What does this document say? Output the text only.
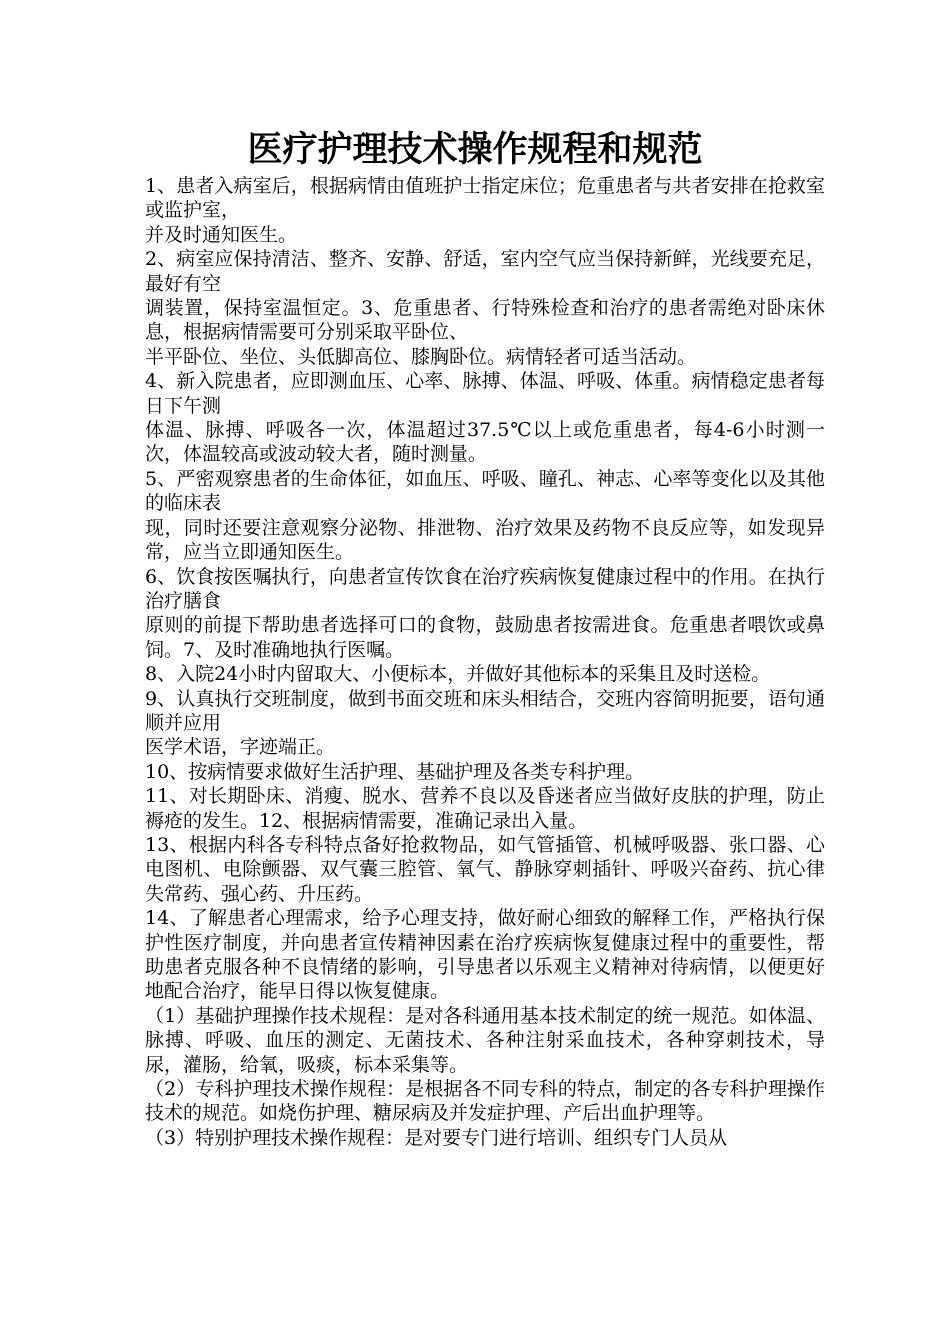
医疗护理技术操作规程和规范

1、患者入病室后，根据病情由值班护士指定床位；危重患者与共者安排在抢救室或监护室，

并及时通知医生。

2、病室应保持清洁、整齐、安静、舒适，室内空气应当保持新鲜，光线要充足，最好有空

调装置，保持室温恒定。3、危重患者、行特殊检查和治疗的患者需绝对卧床休息，根据病情需要可分别采取平卧位、

半平卧位、坐位、头低脚高位、膝胸卧位。病情轻者可适当活动。

4、新入院患者，应即测血压、心率、脉搏、体温、呼吸、体重。病情稳定患者每日下午测

体温、脉搏、呼吸各一次，体温超过37.5℃以上或危重患者，每4-6小时测一次，体温较高或波动较大者，随时测量。

5、严密观察患者的生命体征，如血压、呼吸、瞳孔、神志、心率等变化以及其他的临床表

现，同时还要注意观察分泌物、排泄物、治疗效果及药物不良反应等，如发现异常，应当立即通知医生。

6、饮食按医嘱执行，向患者宣传饮食在治疗疾病恢复健康过程中的作用。在执行治疗膳食

原则的前提下帮助患者选择可口的食物，鼓励患者按需进食。危重患者喂饮或鼻饲。7、及时准确地执行医嘱。

8、入院24小时内留取大、小便标本，并做好其他标本的采集且及时送检。

9、认真执行交班制度，做到书面交班和床头相结合，交班内容简明扼要，语句通顺并应用

医学术语，字迹端正。

10、按病情要求做好生活护理、基础护理及各类专科护理。

11、对长期卧床、消瘦、脱水、营养不良以及昏迷者应当做好皮肤的护理，防止褥疮的发生。12、根据病情需要，准确记录出入量。

13、根据内科各专科特点备好抢救物品，如气管插管、机械呼吸器、张口器、心电图机、电除颤器、双气囊三腔管、氧气、静脉穿刺插针、呼吸兴奋药、抗心律失常药、强心药、升压药。

14、了解患者心理需求，给予心理支持，做好耐心细致的解释工作，严格执行保护性医疗制度，并向患者宣传精神因素在治疗疾病恢复健康过程中的重要性，帮助患者克服各种不良情绪的影响，引导患者以乐观主义精神对待病情，以便更好地配合治疗，能早日得以恢复健康。

（1）基础护理操作技术规程：是对各科通用基本技术制定的统一规范。如体温、脉搏、呼吸、血压的测定、无菌技术、各种注射采血技术，各种穿刺技术，导尿，灌肠，给氧，吸痰，标本采集等。

（2）专科护理技术操作规程：是根据各不同专科的特点，制定的各专科护理操作技术的规范。如烧伤护理、糖尿病及并发症护理、产后出血护理等。

（3）特别护理技术操作规程：是对要专门进行培训、组织专门人员从
